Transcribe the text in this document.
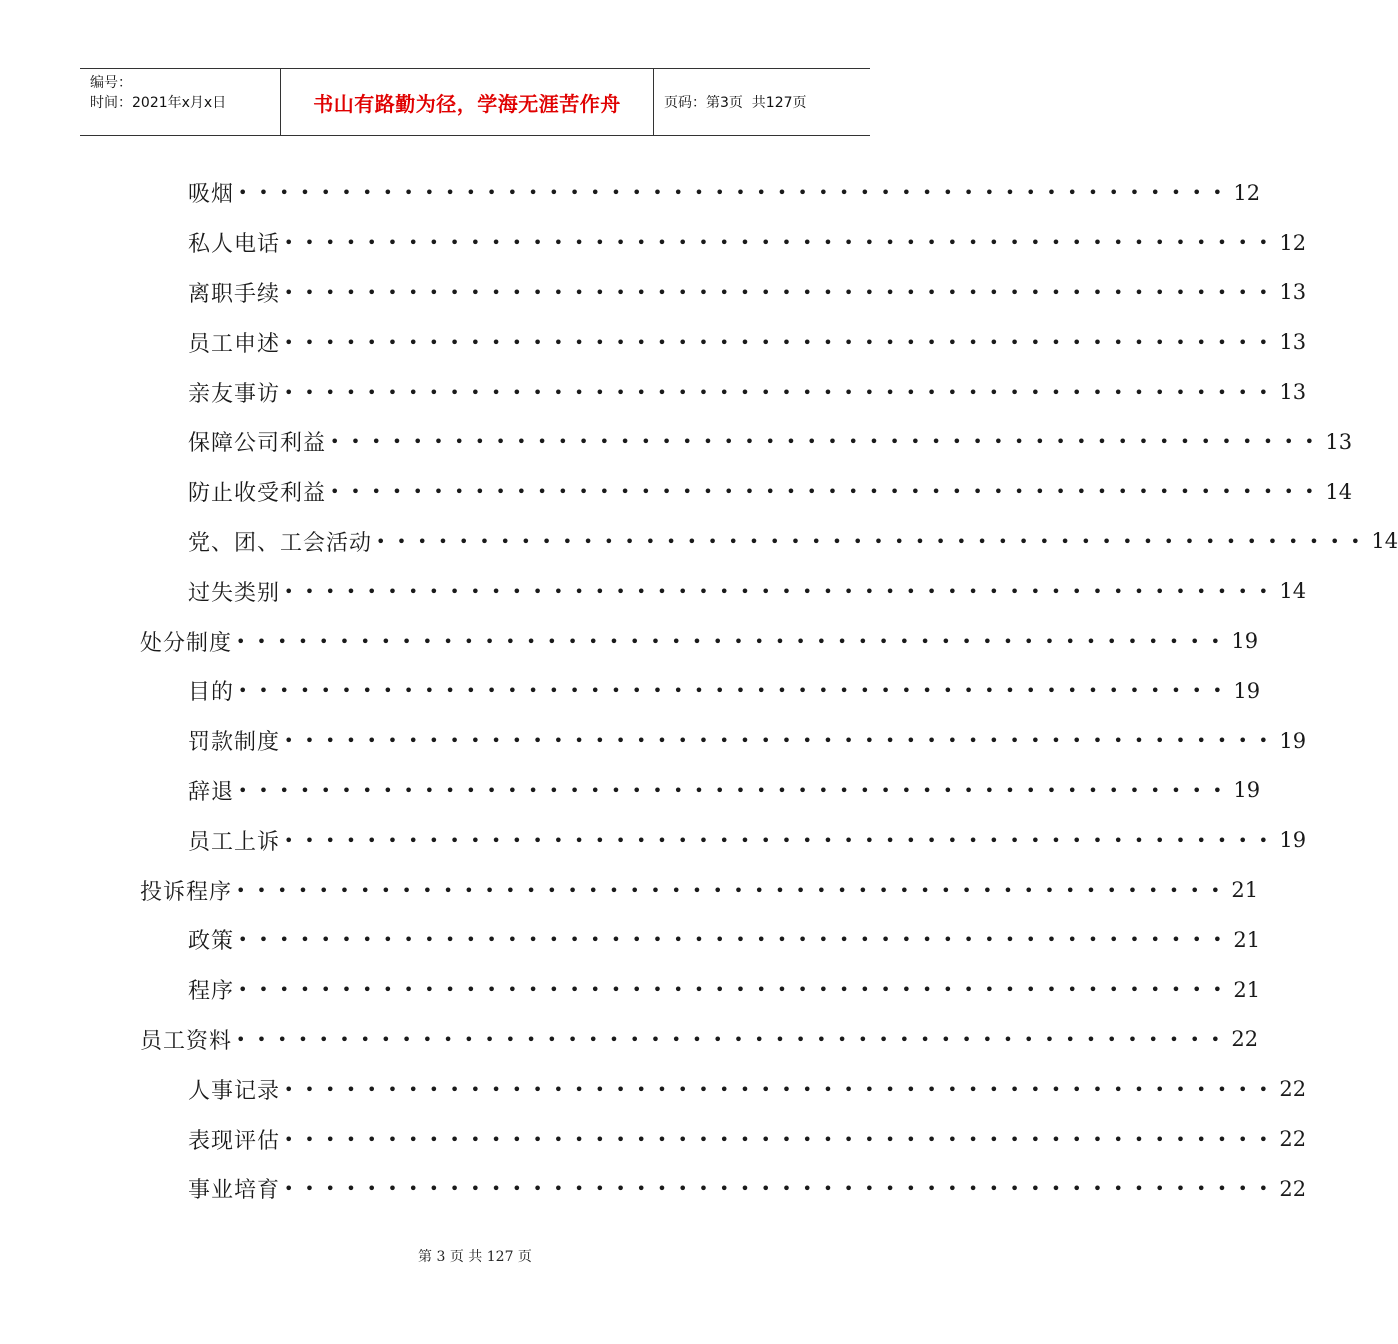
编号：
时间：2021年x月x日	书山有路勤为径，学海无涯苦作舟	页码：第3页  共127页
吸烟 •••••••••••••••••••••••••••••••••••••••••••••••• 12
私人电话 •••••••••••••••••••••••••••••••••••••••••••••••• 12
离职手续 •••••••••••••••••••••••••••••••••••••••••••••••• 13
员工申述 •••••••••••••••••••••••••••••••••••••••••••••••• 13
亲友事访 •••••••••••••••••••••••••••••••••••••••••••••••• 13
保障公司利益 •••••••••••••••••••••••••••••••••••••••••••••••• 13
防止收受利益 •••••••••••••••••••••••••••••••••••••••••••••••• 14
党、团、工会活动 •••••••••••••••••••••••••••••••••••••••••••••••• 14
过失类别 •••••••••••••••••••••••••••••••••••••••••••••••• 14
处分制度 •••••••••••••••••••••••••••••••••••••••••••••••• 19
目的 •••••••••••••••••••••••••••••••••••••••••••••••• 19
罚款制度 •••••••••••••••••••••••••••••••••••••••••••••••• 19
辞退 •••••••••••••••••••••••••••••••••••••••••••••••• 19
员工上诉 •••••••••••••••••••••••••••••••••••••••••••••••• 19
投诉程序 •••••••••••••••••••••••••••••••••••••••••••••••• 21
政策 •••••••••••••••••••••••••••••••••••••••••••••••• 21
程序 •••••••••••••••••••••••••••••••••••••••••••••••• 21
员工资料 •••••••••••••••••••••••••••••••••••••••••••••••• 22
人事记录 •••••••••••••••••••••••••••••••••••••••••••••••• 22
表现评估 •••••••••••••••••••••••••••••••••••••••••••••••• 22
事业培育 •••••••••••••••••••••••••••••••••••••••••••••••• 22
第 3 页 共 127 页
